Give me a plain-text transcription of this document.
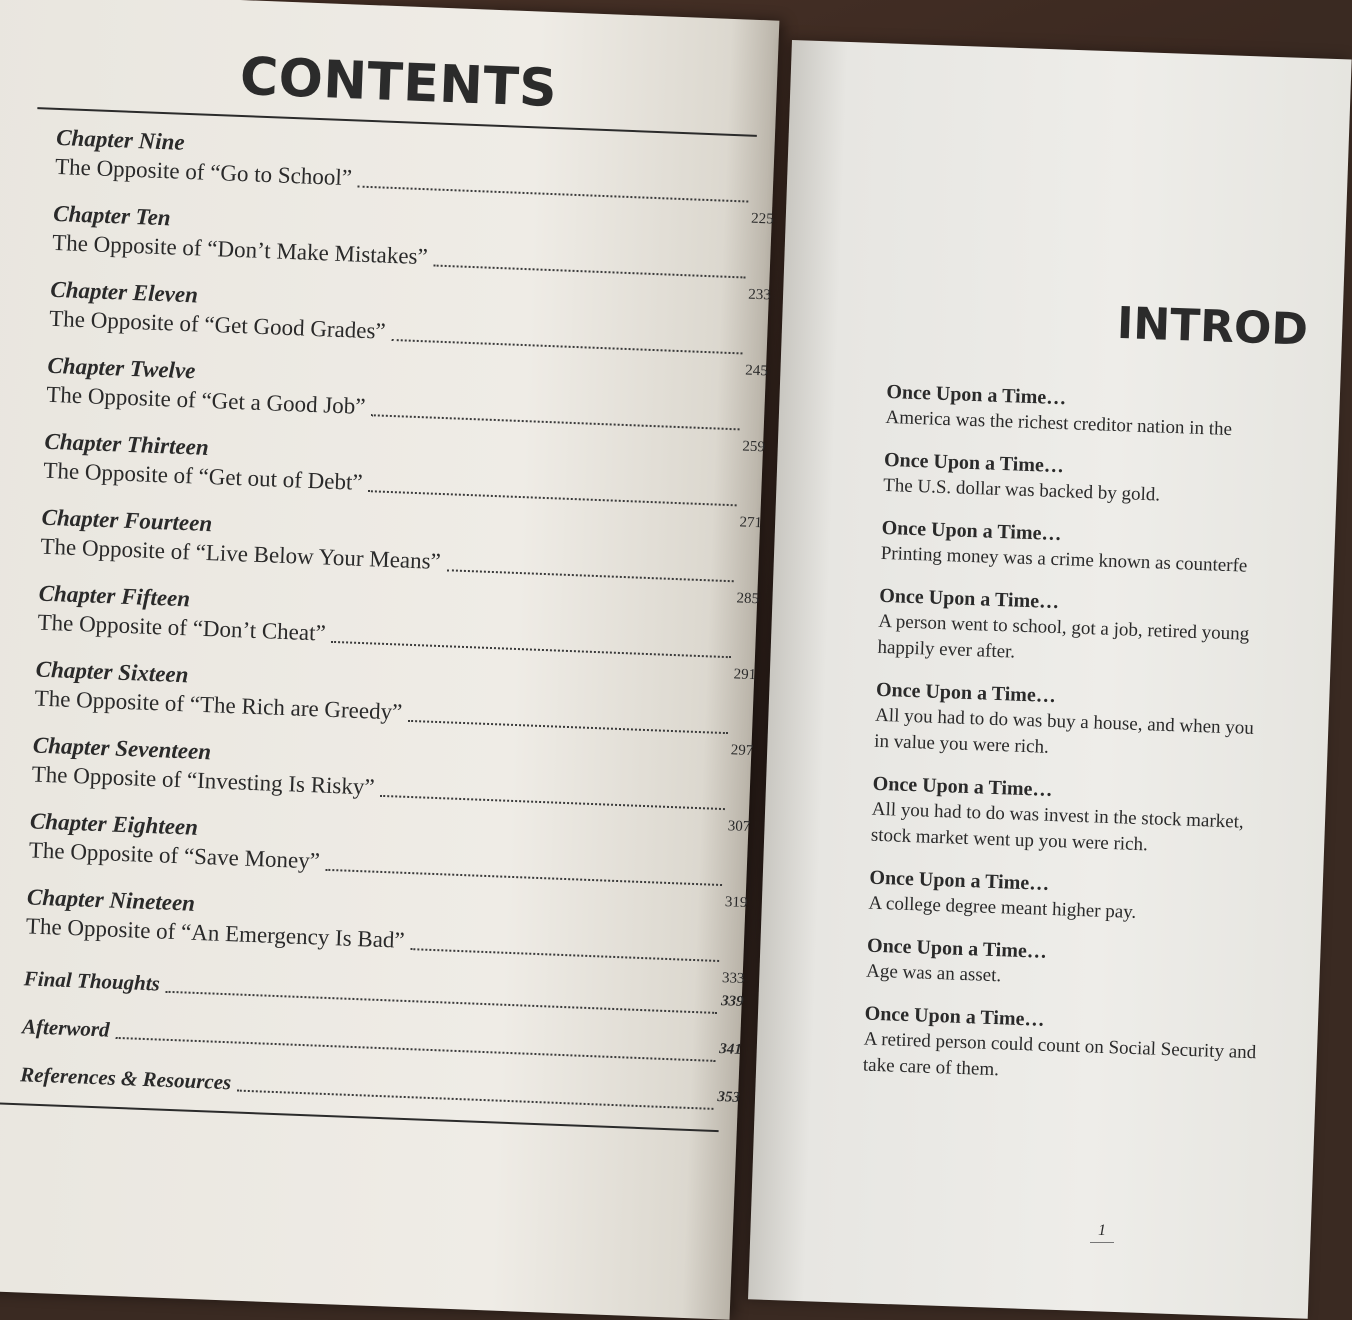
CONTENTS
Chapter Nine
The Opposite of “Go to School”
225
Chapter Ten
The Opposite of “Don’t Make Mistakes”
233
Chapter Eleven
The Opposite of “Get Good Grades”
245
Chapter Twelve
The Opposite of “Get a Good Job”
259
Chapter Thirteen
The Opposite of “Get out of Debt”
271
Chapter Fourteen
The Opposite of “Live Below Your Means”
285
Chapter Fifteen
The Opposite of “Don’t Cheat”
291
Chapter Sixteen
The Opposite of “The Rich are Greedy”
297
Chapter Seventeen
The Opposite of “Investing Is Risky”
307
Chapter Eighteen
The Opposite of “Save Money”
319
Chapter Nineteen
The Opposite of “An Emergency Is Bad”
333
Final Thoughts
339
Afterword
341
References & Resources
353
INTROD
Once Upon a Time…
America was the richest creditor nation in the
Once Upon a Time…
The U.S. dollar was backed by gold.
Once Upon a Time…
Printing money was a crime known as counterfe
Once Upon a Time…
A person went to school, got a job, retired young
happily ever after.
Once Upon a Time…
All you had to do was buy a house, and when you
in value you were rich.
Once Upon a Time…
All you had to do was invest in the stock market,
stock market went up you were rich.
Once Upon a Time…
A college degree meant higher pay.
Once Upon a Time…
Age was an asset.
Once Upon a Time…
A retired person could count on Social Security and
take care of them.
1
